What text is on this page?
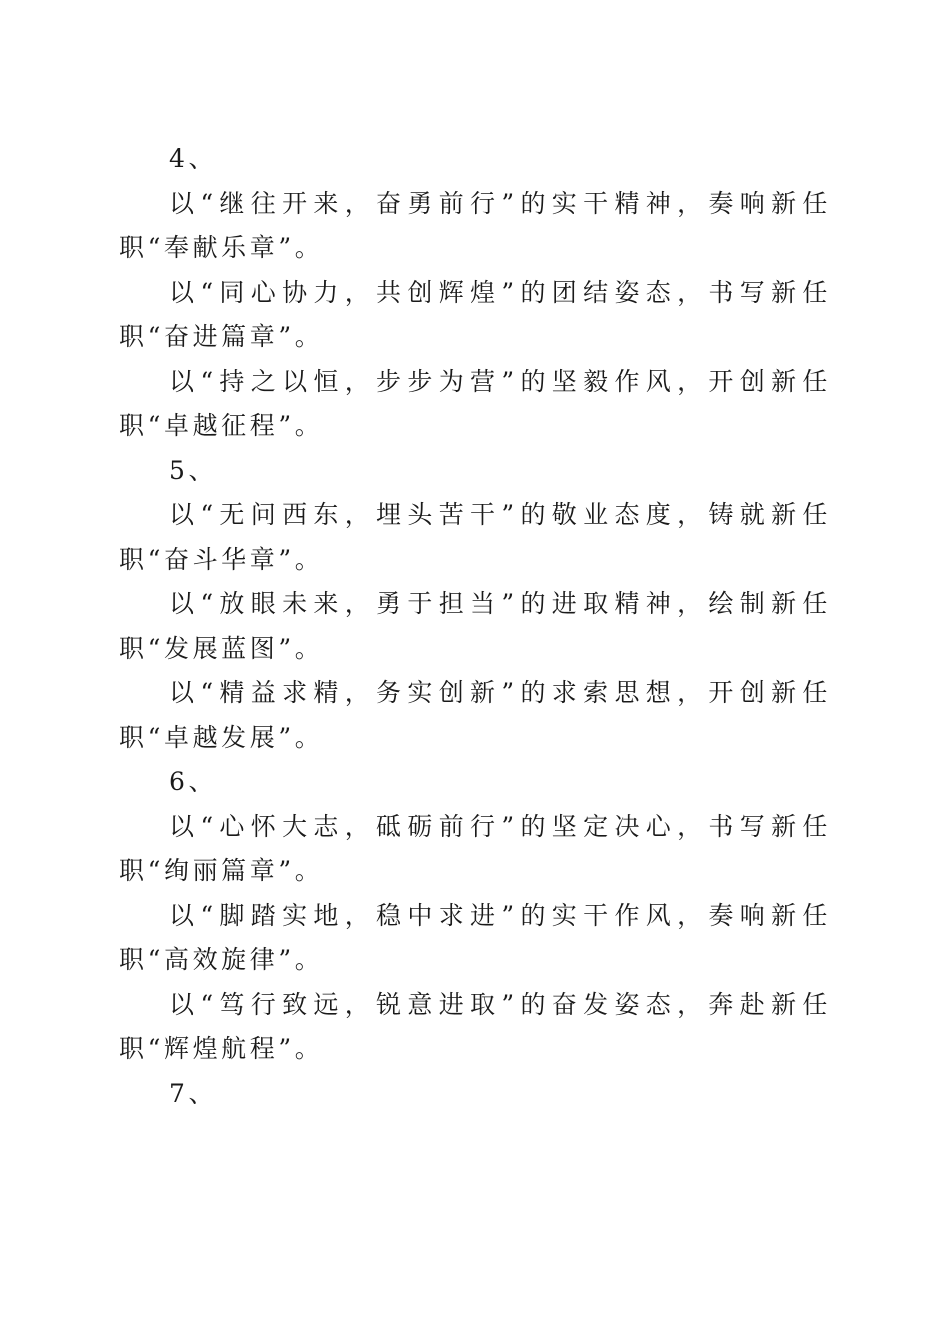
4、

以“继往开来，奋勇前行”的实干精神，奏响新任职“奉献乐章”。

以“同心协力，共创辉煌”的团结姿态，书写新任职“奋进篇章”。

以“持之以恒，步步为营”的坚毅作风，开创新任职“卓越征程”。

5、

以“无问西东，埋头苦干”的敬业态度，铸就新任职“奋斗华章”。

以“放眼未来，勇于担当”的进取精神，绘制新任职“发展蓝图”。

以“精益求精，务实创新”的求索思想，开创新任职“卓越发展”。

6、

以“心怀大志，砥砺前行”的坚定决心，书写新任职“绚丽篇章”。

以“脚踏实地，稳中求进”的实干作风，奏响新任职“高效旋律”。

以“笃行致远，锐意进取”的奋发姿态，奔赴新任职“辉煌航程”。

7、
